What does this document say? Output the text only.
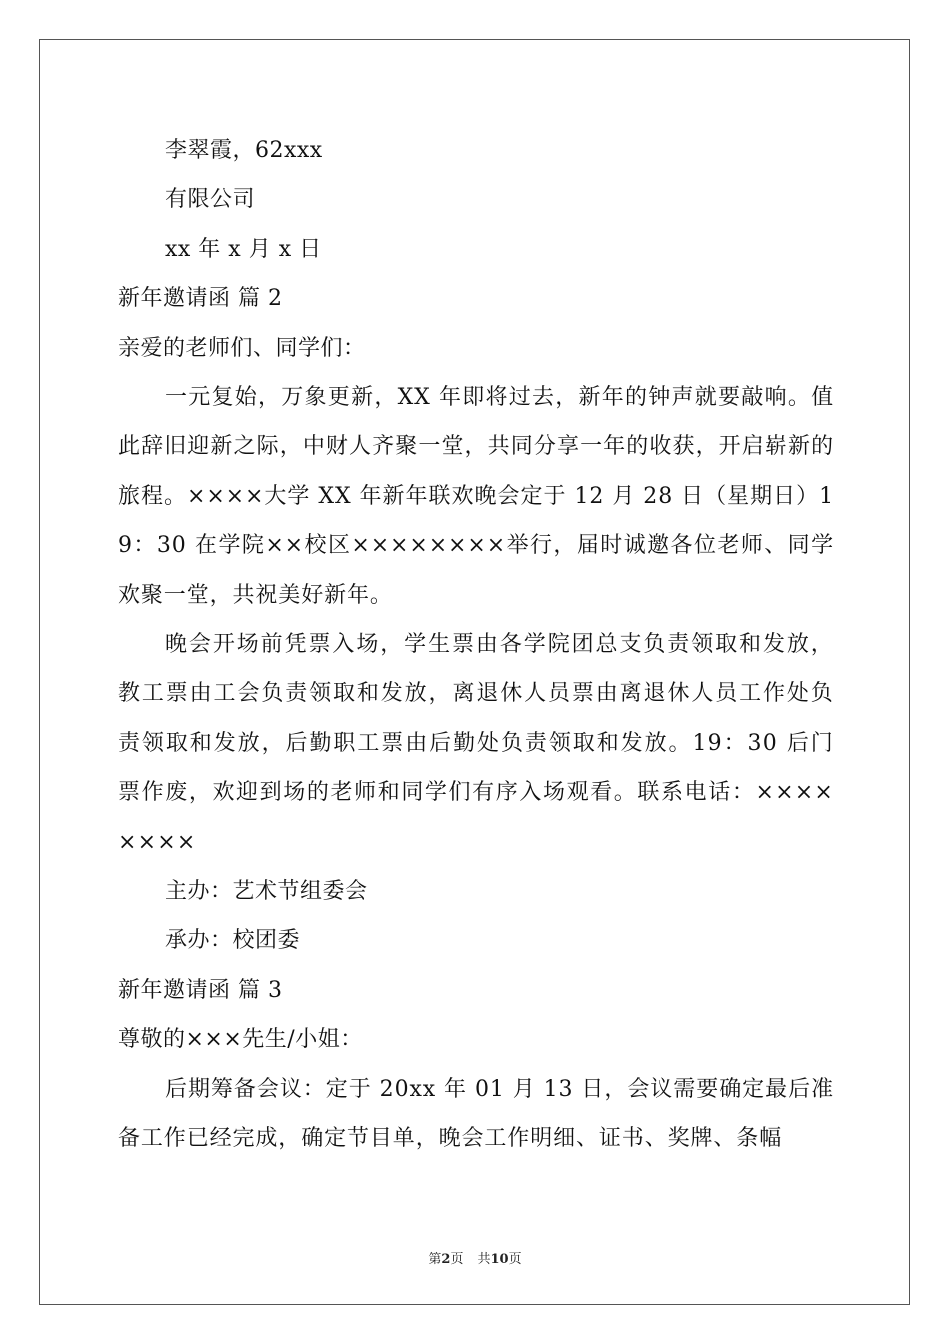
李翠霞，62xxx
有限公司
xx 年 x 月 x 日
新年邀请函 篇 2
亲爱的老师们、同学们：
一元复始，万象更新，XX 年即将过去，新年的钟声就要敲响。值此辞旧迎新之际，中财人齐聚一堂，共同分享一年的收获，开启崭新的旅程。××××大学 XX 年新年联欢晚会定于 12 月 28 日（星期日）19：30 在学院××校区××××××××举行，届时诚邀各位老师、同学欢聚一堂，共祝美好新年。
晚会开场前凭票入场，学生票由各学院团总支负责领取和发放，教工票由工会负责领取和发放，离退休人员票由离退休人员工作处负责领取和发放，后勤职工票由后勤处负责领取和发放。19：30 后门票作废，欢迎到场的老师和同学们有序入场观看。联系电话：××××××××
主办：艺术节组委会
承办：校团委
新年邀请函 篇 3
尊敬的×××先生/小姐：
后期筹备会议：定于 20xx 年 01 月 13 日，会议需要确定最后准备工作已经完成，确定节目单，晚会工作明细、证书、奖牌、条幅
第2页 共10页
